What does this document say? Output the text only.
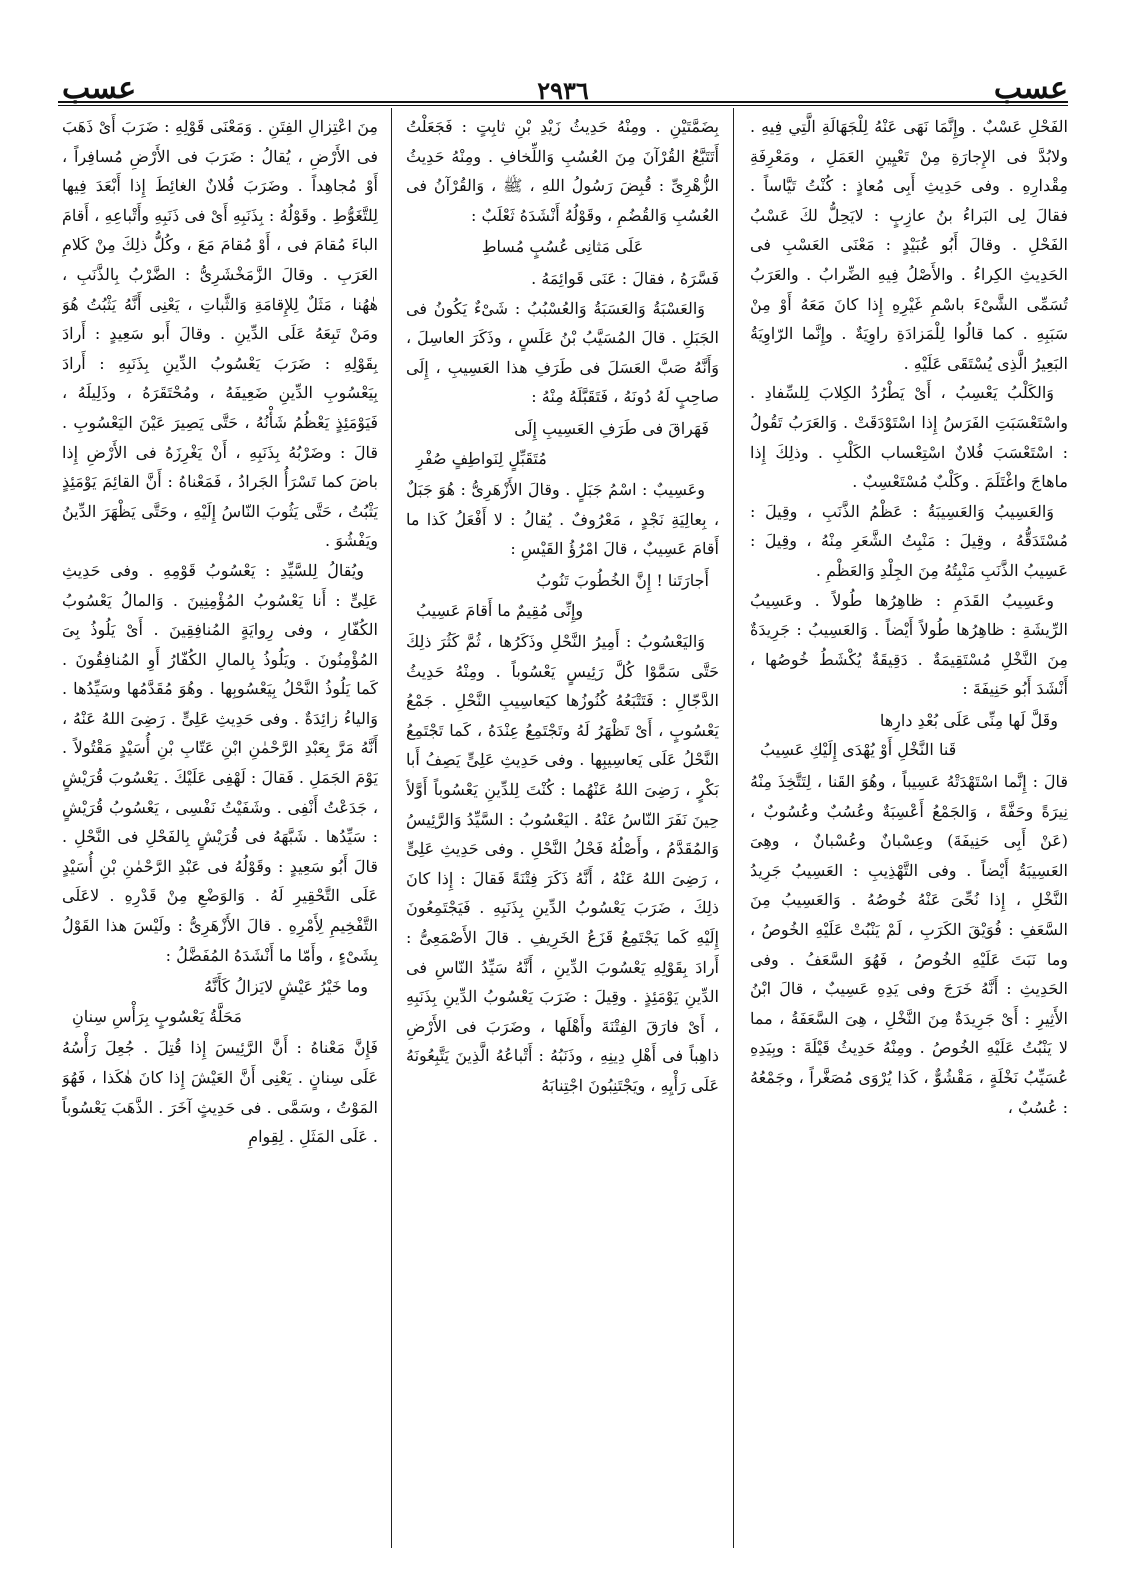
عسب
٢٩٣٦
عسب

الفَحْلِ عَسْبٌ . وإِنَّمَا نَهَى عَنْهُ لِلْجَهَالَةِ الَّتِي فِيهِ . ولابُدَّ فى الإِجارَةِ مِنْ تَعْيِينِ العَمَلِ ، ومَعْرِفَةِ مِقْدارِهِ . وفى حَدِيثِ أَبِى مُعاذٍ : كُنْتُ تَيَّاساً . فقالَ لِى البَراءُ بنُ عازِبٍ : لايَحِلُّ لكَ عَسْبُ الفَحْلِ . وقالَ أَبُو عُبَيْدٍ : مَعْنَى العَسْبِ فى الحَدِيثِ الكِراءُ . والأَصْلُ فِيهِ الضِّرابُ . والعَرَبُ تُسَمِّى الشَّىْءَ باسْمِ غَيْرِهِ إِذا كانَ مَعَهُ أَوْ مِنْ سَبَبِهِ . كما قالُوا لِلْمَزادَةِ راوِيَةٌ . وإِنَّما الرّاوِيَةُ البَعِيرُ الَّذِى يُسْتَقَى عَلَيْهِ .

وَالكَلْبُ يَعْسِبُ ، أَىْ يَطْرُدُ الكِلابَ لِلسِّفادِ . واسْتَعْسَبَتِ الفَرَسُ إِذا اسْتَوْدَقَتْ . وَالعَرَبُ تَقُولُ : اسْتَعْسَبَ فُلانٌ اسْتِعْساب الكَلْبِ . وذلِكَ إِذا ماهاجَ واغْتَلَمَ . وكَلْبٌ مُسْتَعْسِبٌ .

وَالعَسِيبُ وَالعَسِيبَةُ : عَظْمُ الذَّنَبِ ، وقِيلَ : مُسْتَدَقُّهُ ، وقِيلَ : مَنْبِتُ الشَّعَرِ مِنْهُ ، وقِيلَ : عَسِيبُ الذَّنَبِ مَنْبِتُهُ مِنَ الجِلْدِ وَالعَظْمِ .

وعَسِيبُ القَدَمِ : ظاهِرُها طُولاً . وعَسِيبُ الرِّيشَةِ : ظاهِرُها طُولاً أَيْضاً . وَالعَسِيبُ : جَرِيدَةٌ مِنَ النَّخْلِ مُسْتَقِيمَةٌ . دَقِيقَةٌ يُكْشَطُ خُوصُها ، أَنْشَدَ أَبُو حَنِيفَةَ :

وقَلَّ لَها مِنِّى عَلَى بُعْدِ دارِها
قَنا النَّخْلِ أَوْ يُهْدَى إِلَيْكِ عَسِيبُ

قالَ : إِنَّما اسْتَهْدَتْهُ عَسِيباً ، وهُوَ القَنا ، لِتَتَّخِذَ مِنْهُ نِيرَةً وحَفَّةً ، وَالجَمْعُ أَعْسِبَةٌ وعُسُبٌ وعُسُوبٌ ، (عَنْ أَبِى حَنِيفَةَ) وعِسْبانٌ وعُسْبانٌ ، وهِىَ العَسِيبَةُ أَيْضاً . وفى التَّهْذِيبِ : العَسِيبُ جَرِيدُ النَّخْلِ ، إِذا نُحِّىَ عَنْهُ خُوصُهُ . وَالعَسِيبُ مِنَ السَّعَفِ : فُوَيْقَ الكَرَبِ ، لَمْ يَنْبُتْ عَلَيْهِ الخُوصُ ، وما نَبَتَ عَلَيْهِ الخُوصُ ، فَهُوَ السَّعَفُ . وفى الحَدِيثِ : أَنَّهُ خَرَجَ وفى يَدِهِ عَسِيبٌ ، قالَ ابْنُ الأَثِيرِ : أَىْ جَرِيدَةٌ مِنَ النَّخْلِ ، هِىَ السَّعَفَةُ ، مما لا يَنْبُتُ عَلَيْهِ الخُوصُ . ومِنْهُ حَدِيثُ قَيْلَةَ : وبِيَدِهِ عُسَيِّبُ نَخْلَةٍ ، مَقْشُوٌّ ، كَذا يُرْوَى مُصَغَّراً ، وجَمْعُهُ : عُسُبٌ ،

بِضَمَّتَيْنِ . ومِنْهُ حَدِيثُ زَيْدِ بْنِ ثابِتٍ : فَجَعَلْتُ أَتَتَبَّعُ القُرْآنَ مِنَ العُسُبِ وَاللِّخافِ . ومِنْهُ حَدِيثُ الزُّهْرِىِّ : قُبِضَ رَسُولُ اللهِ ، ﷺ ، وَالقُرْآنُ فى العُسُبِ وَالقُضُمِ ، وقَوْلُهُ أَنْشَدَهُ ثَعْلَبٌ :

عَلَى مَثانِى عُسُبٍ مُساطِ

فَسَّرَهُ ، فقالَ : عَنَى قَوائِمَهُ .

وَالعَسْبَةُ وَالعَسَبَةُ وَالعُسْبُبُ : شَىْءٌ يَكُونُ فى الجَبَلِ . قالَ المُسَيَّبُ بْنُ عَلَسٍ ، وذَكَرَ العاسِلَ ، وَأَنَّهُ صَبَّ العَسَلَ فى طَرَفِ هذا العَسِيبِ ، إِلَى صاحِبٍ لَهُ دُونَهُ ، فَتَقَبَّلَهُ مِنْهُ :

فَهَراقَ فى طَرَفِ العَسِيبِ إِلَى
مُتَقَبِّلٍ لِنَواطِفٍ صُفْرِ

وعَسِيبٌ : اسْمُ جَبَلٍ . وقالَ الأَزْهَرِىُّ : هُوَ جَبَلٌ ، بِعالِيَةِ نَجْدٍ ، مَعْرُوفٌ . يُقالُ : لا أَفْعَلُ كَذا ما أَقامَ عَسِيبٌ ، قالَ امْرُؤُ القَيْسِ :

أَجارَتَنا ! إِنَّ الخُطُوبَ تَنُوبُ
وإِنِّى مُقِيمٌ ما أَقامَ عَسِيبُ

وَاليَعْسُوبُ : أَمِيرُ النَّحْلِ وذَكَرُها ، ثُمَّ كَثُرَ ذلِكَ حَتَّى سَمَّوْا كُلَّ رَئِيسٍ يَعْسُوباً . ومِنْهُ حَدِيثُ الدَّجّالِ : فَتَتْبَعُهُ كُنُوزُها كيَعاسِيبِ النَّحْلِ . جَمْعُ يَعْسُوبٍ ، أَىْ تَظْهَرُ لَهُ وتَجْتَمِعُ عِنْدَهُ ، كَما تَجْتَمِعُ النَّحْلُ عَلَى يَعاسِيبِها . وفى حَدِيثِ عَلِىٍّ يَصِفُ أَبا بَكْرٍ ، رَضِىَ اللهُ عَنْهُما : كُنْتَ لِلدِّينِ يَعْسُوباً أَوَّلاً حِينَ نَفَرَ النّاسُ عَنْهُ . اليَعْسُوبُ : السَّيِّدُ وَالرَّئِيسُ وَالمُقَدَّمُ ، وأَصْلُهُ فَحْلُ النَّحْلِ . وفى حَدِيثِ عَلِىٍّ ، رَضِىَ اللهُ عَنْهُ ، أَنَّهُ ذَكَرَ فِتْنَةً فَقالَ : إِذا كانَ ذلِكَ ، ضَرَبَ يَعْسُوبُ الدِّينِ بِذَنَبِهِ . فَيَجْتَمِعُونَ إِلَيْهِ كَما يَجْتَمِعُ قَزَعُ الخَرِيفِ . قالَ الأَصْمَعِىُّ : أَرادَ بِقَوْلِهِ يَعْسُوبَ الدِّينِ ، أَنَّهُ سَيِّدُ النّاسِ فى الدِّينِ يَوْمَئِذٍ . وقِيلَ : ضَرَبَ يَعْسُوبُ الدِّينِ بِذَنَبِهِ ، أَىْ فارَقَ الفِتْنَةَ وأَهْلَها ، وضَرَبَ فى الأَرْضِ ذاهِباً فى أَهْلِ دِينِهِ ، وذَنَبُهُ : أَتْباعُهُ الَّذِينَ يَتَّبِعُونَهُ عَلَى رَأْيِهِ ، ويَجْتَنِبُونَ اجْتِنابَهُ

مِنَ اعْتِزالِ الفِتَنِ . وَمَعْنَى قَوْلِهِ : ضَرَبَ أَىْ ذَهَبَ فى الأَرْضِ ، يُقالُ : ضَرَبَ فى الأَرْضِ مُسافِراً ، أَوْ مُجاهِداً . وضَرَبَ فُلانٌ الغائِطَ إِذا أَبْعَدَ فِيها لِلتَّغَوُّطِ . وقَوْلُهُ : بِذَنَبِهِ أَىْ فى ذَنَبِهِ وأَتْباعِهِ ، أَقامَ الباءَ مُقامَ فى ، أَوْ مُقامَ مَعَ ، وكُلُّ ذلِكَ مِنْ كَلامِ العَرَبِ . وقالَ الزَّمَخْشَرِىُّ : الضَّرْبُ بِالذَّنَبِ ، هٰهُنا ، مَثَلٌ لِلإِقامَةِ وَالثَّباتِ ، يَعْنِى أَنَّهُ يَثْبُتُ هُوَ ومَنْ تَبِعَهُ عَلَى الدِّينِ . وقالَ أَبو سَعِيدٍ : أَرادَ بِقَوْلِهِ : ضَرَبَ يَعْسُوبُ الدِّينِ بِذَنَبِهِ : أَرادَ بِيَعْسُوبِ الدِّينِ ضَعِيفَهُ ، ومُحْتَقَرَهُ ، وذَلِيلَهُ ، فَيَوْمَئِذٍ يَعْظُمُ شَأْنُهُ ، حَتَّى يَصِيرَ عَيْنَ اليَعْسُوبِ . قالَ : وضَرْبُهُ بِذَنَبِهِ ، أَنْ يَغْرِزَهُ فى الأَرْضِ إِذا باضَ كما تَسْرَأُ الجَرادُ ، فَمَعْناهُ : أَنَّ القائِمَ يَوْمَئِذٍ يَثْبُتُ ، حَتَّى يَثُوبَ النّاسُ إِلَيْهِ ، وحَتَّى يَظْهَرَ الدِّينُ ويَفْشُوَ .

ويُقالُ لِلسَّيِّدِ : يَعْسُوبُ قَوْمِهِ . وفى حَدِيثِ عَلِىٍّ : أَنا يَعْسُوبُ المُؤْمِنِينَ . وَالمالُ يَعْسُوبُ الكُفّارِ ، وفى رِوايَةٍ المُنافِقِينَ . أَىْ يَلُوذُ بِىَ المُؤْمِنُونَ . ويَلُوذُ بِالمالِ الكُفّارُ أَوِ المُنافِقُونَ . كَما يَلُوذُ النَّحْلُ بِيَعْسُوبِها . وهُوَ مُقَدَّمُها وسَيِّدُها . وَالياءُ زائِدَةٌ . وفى حَدِيثِ عَلِىٍّ . رَضِىَ اللهُ عَنْهُ ، أَنَّهُ مَرَّ بِعَبْدِ الرَّحْمٰنِ ابْنِ عَتّابِ بْنِ أُسَيْدٍ مَقْتُولاً . يَوْمَ الجَمَلِ . فَقالَ : لَهْفِى عَلَيْكَ . يَعْسُوبَ قُرَيْشٍ ، جَدَعْتُ أَنْفِى . وشَفَيْتُ نَفْسِى ، يَعْسُوبُ قُرَيْشٍ : سَيِّدُها . شَبَّهَهُ فى قُرَيْشٍ بِالفَحْلِ فى النَّحْلِ . قالَ أَبُو سَعِيدٍ : وقَوْلُهُ فى عَبْدِ الرَّحْمٰنِ بْنِ أُسَيْدٍ عَلَى التَّحْقِيرِ لَهُ . وَالوَضْعِ مِنْ قَدْرِهِ . لاعَلَى التَّفْخِيمِ لِأَمْرِهِ . قالَ الأَزْهَرِىُّ : ولَيْسَ هذا القَوْلُ بِشَىْءٍ ، وأَمّا ما أَنْشَدَهُ المُفَضَّلُ :

وما خَيْرُ عَيْشٍ لايَزالُ كَأَنَّهُ
مَحَلَّةُ يَعْسُوبٍ بِرَأْسِ سِنانِ

فَإِنَّ مَعْناهُ : أَنَّ الرَّئِيسَ إِذا قُتِلَ . جُعِلَ رَأْسُهُ عَلَى سِنانٍ . يَعْنِى أَنَّ العَيْشَ إِذا كانَ هٰكَذا ، فَهُوَ المَوْتُ ، وسَمَّى . فى حَدِيثٍ آخَرَ . الذَّهَبَ يَعْسُوباً . عَلَى المَثَلِ . لِقِوامِ
